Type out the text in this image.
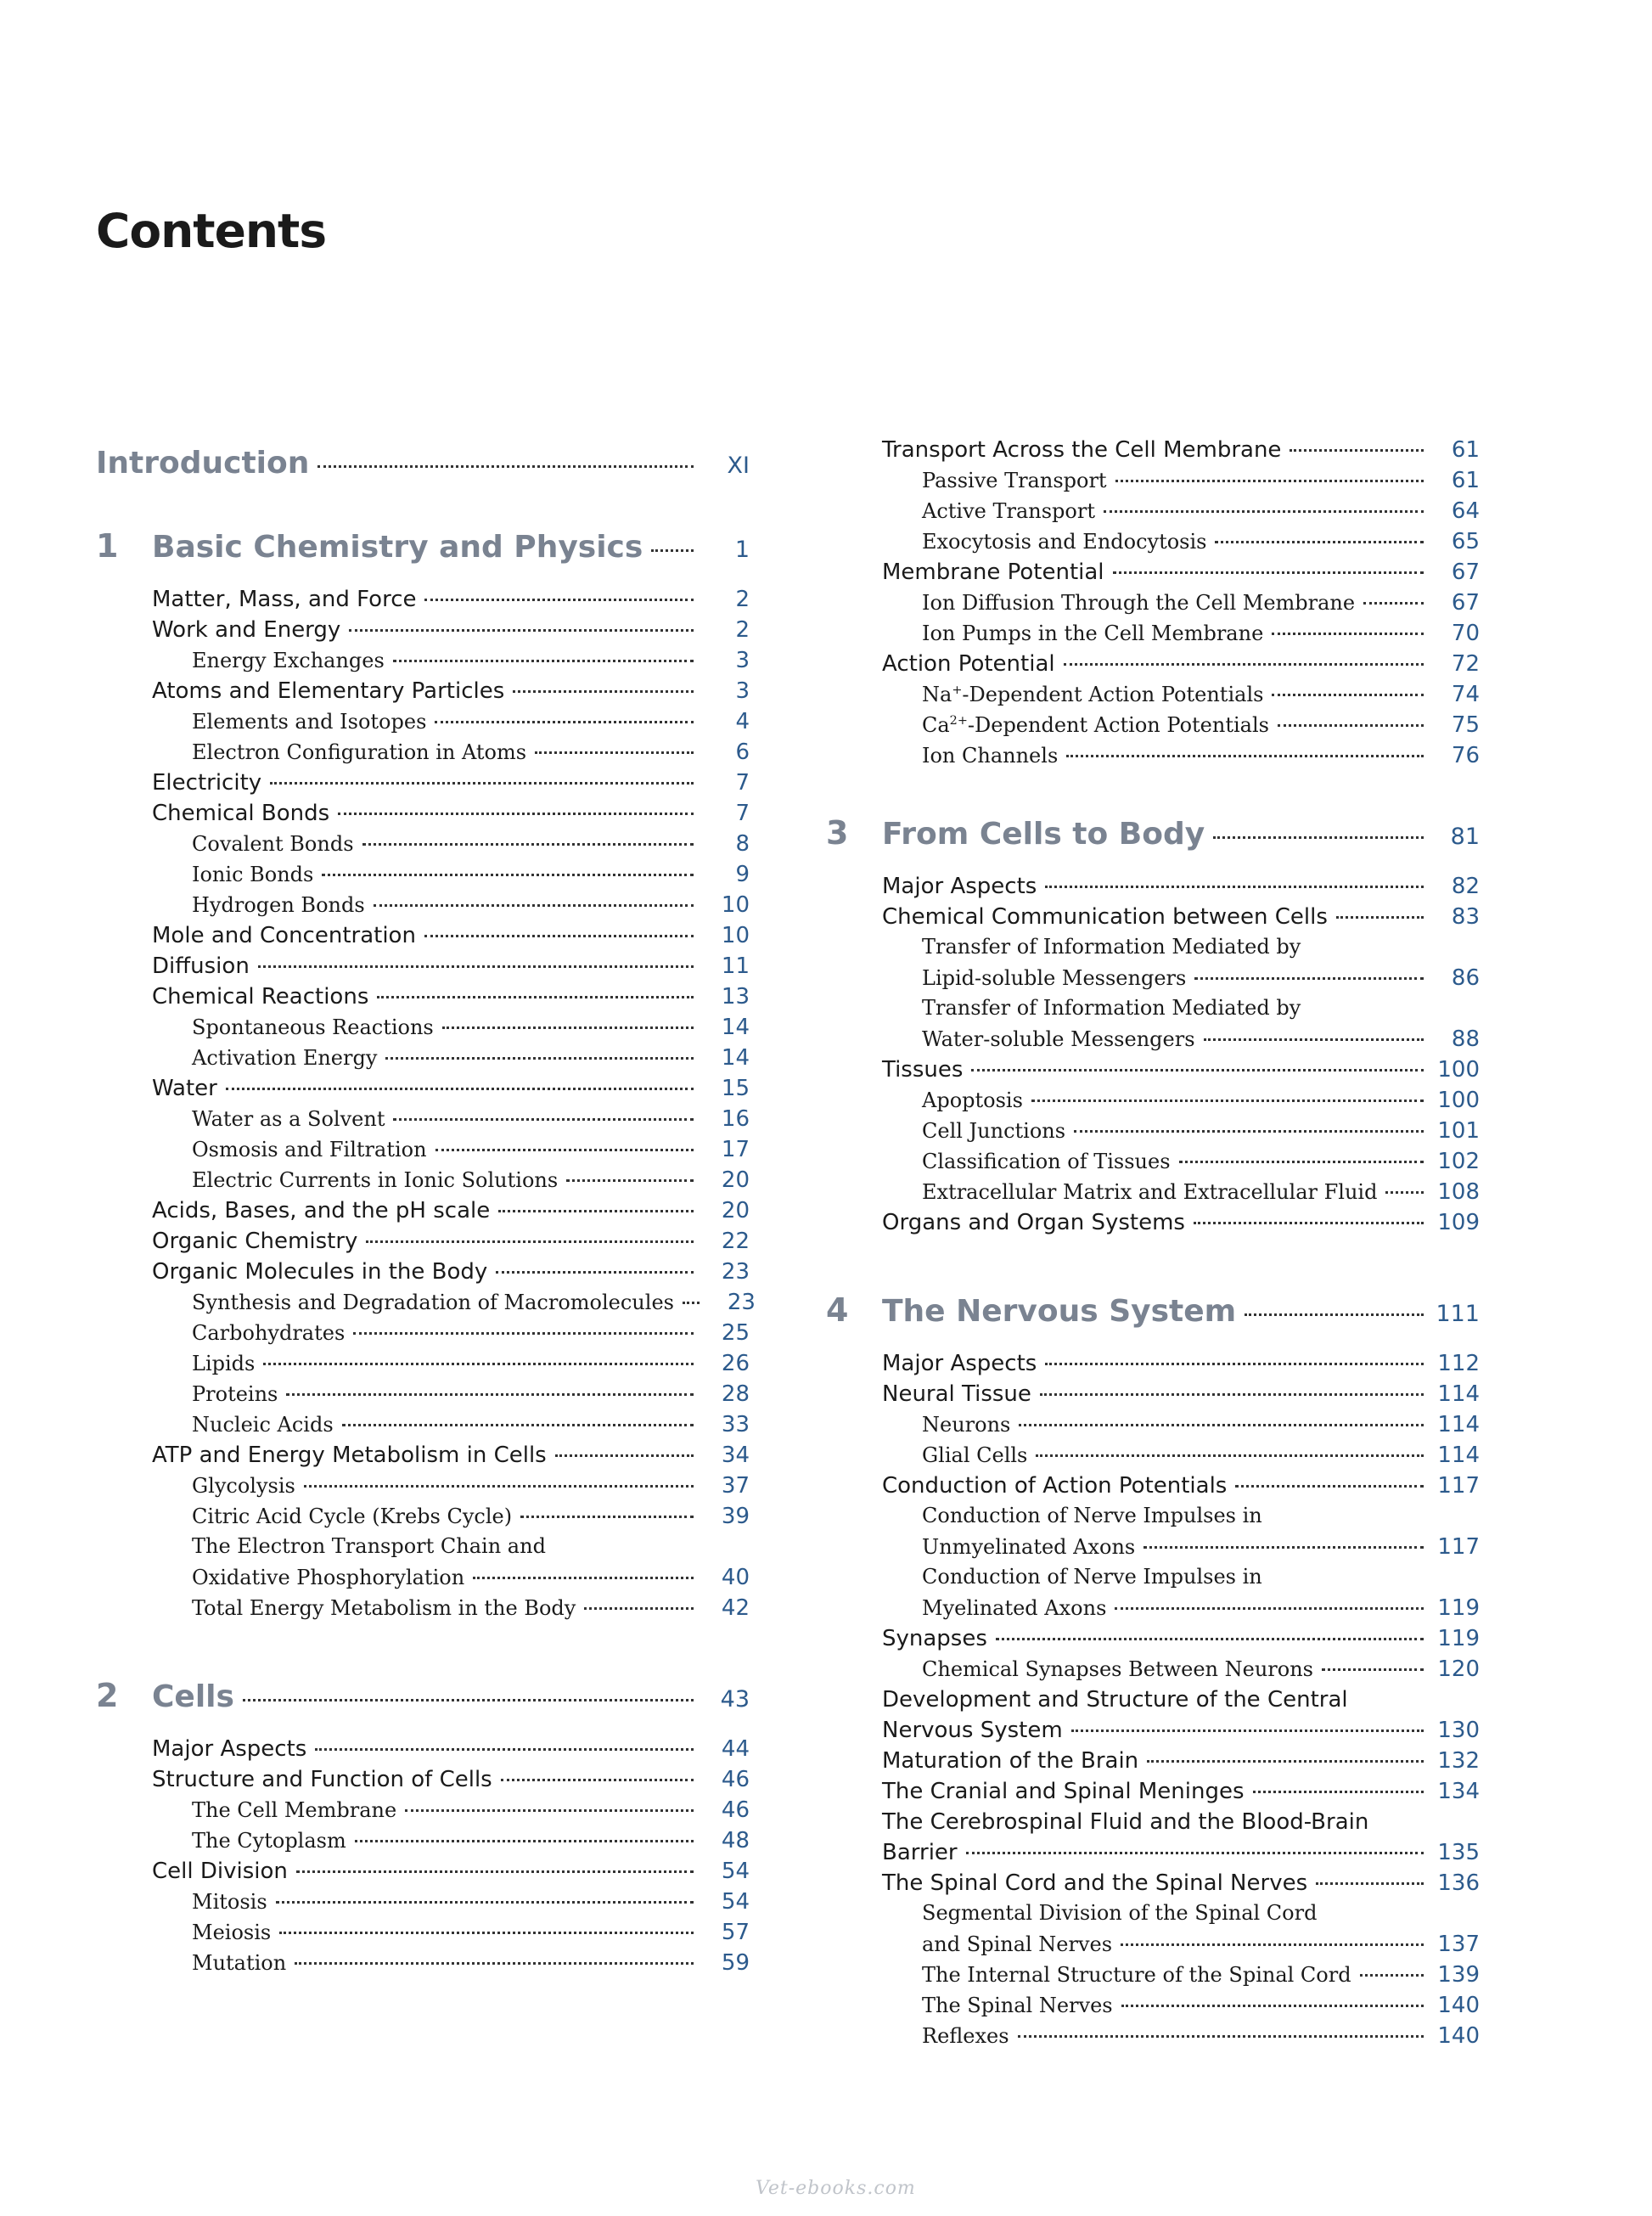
Contents
Introduction	XI
1	Basic Chemistry and Physics	1
Matter, Mass, and Force	2
Work and Energy	2
Energy Exchanges	3
Atoms and Elementary Particles	3
Elements and Isotopes	4
Electron Configuration in Atoms	6
Electricity	7
Chemical Bonds	7
Covalent Bonds	8
Ionic Bonds	9
Hydrogen Bonds	10
Mole and Concentration	10
Diffusion	11
Chemical Reactions	13
Spontaneous Reactions	14
Activation Energy	14
Water	15
Water as a Solvent	16
Osmosis and Filtration	17
Electric Currents in Ionic Solutions	20
Acids, Bases, and the pH scale	20
Organic Chemistry	22
Organic Molecules in the Body	23
Synthesis and Degradation of Macromolecules	23
Carbohydrates	25
Lipids	26
Proteins	28
Nucleic Acids	33
ATP and Energy Metabolism in Cells	34
Glycolysis	37
Citric Acid Cycle (Krebs Cycle)	39
The Electron Transport Chain and
Oxidative Phosphorylation	40
Total Energy Metabolism in the Body	42
2	Cells	43
Major Aspects	44
Structure and Function of Cells	46
The Cell Membrane	46
The Cytoplasm	48
Cell Division	54
Mitosis	54
Meiosis	57
Mutation	59
Transport Across the Cell Membrane	61
Passive Transport	61
Active Transport	64
Exocytosis and Endocytosis	65
Membrane Potential	67
Ion Diffusion Through the Cell Membrane	67
Ion Pumps in the Cell Membrane	70
Action Potential	72
Na+-Dependent Action Potentials	74
$Ca^{2+}$-Dependent Action Potentials	75
Ion Channels	76
3	From Cells to Body	81
Major Aspects	82
Chemical Communication between Cells	83
Transfer of Information Mediated by
Lipid-soluble Messengers	86
Transfer of Information Mediated by
Water-soluble Messengers	88
Tissues	100
Apoptosis	100
Cell Junctions	101
Classification of Tissues	102
Extracellular Matrix and Extracellular Fluid	108
Organs and Organ Systems	109
4	The Nervous System	111
Major Aspects	112
Neural Tissue	114
Neurons	114
Glial Cells	114
Conduction of Action Potentials	117
Conduction of Nerve Impulses in
Unmyelinated Axons	117
Conduction of Nerve Impulses in
Myelinated Axons	119
Synapses	119
Chemical Synapses Between Neurons	120
Development and Structure of the Central
Nervous System	130
Maturation of the Brain	132
The Cranial and Spinal Meninges	134
The Cerebrospinal Fluid and the Blood-Brain
Barrier	135
The Spinal Cord and the Spinal Nerves	136
Segmental Division of the Spinal Cord
and Spinal Nerves	137
The Internal Structure of the Spinal Cord	139
The Spinal Nerves	140
Reflexes	140
Vet-ebooks.com
